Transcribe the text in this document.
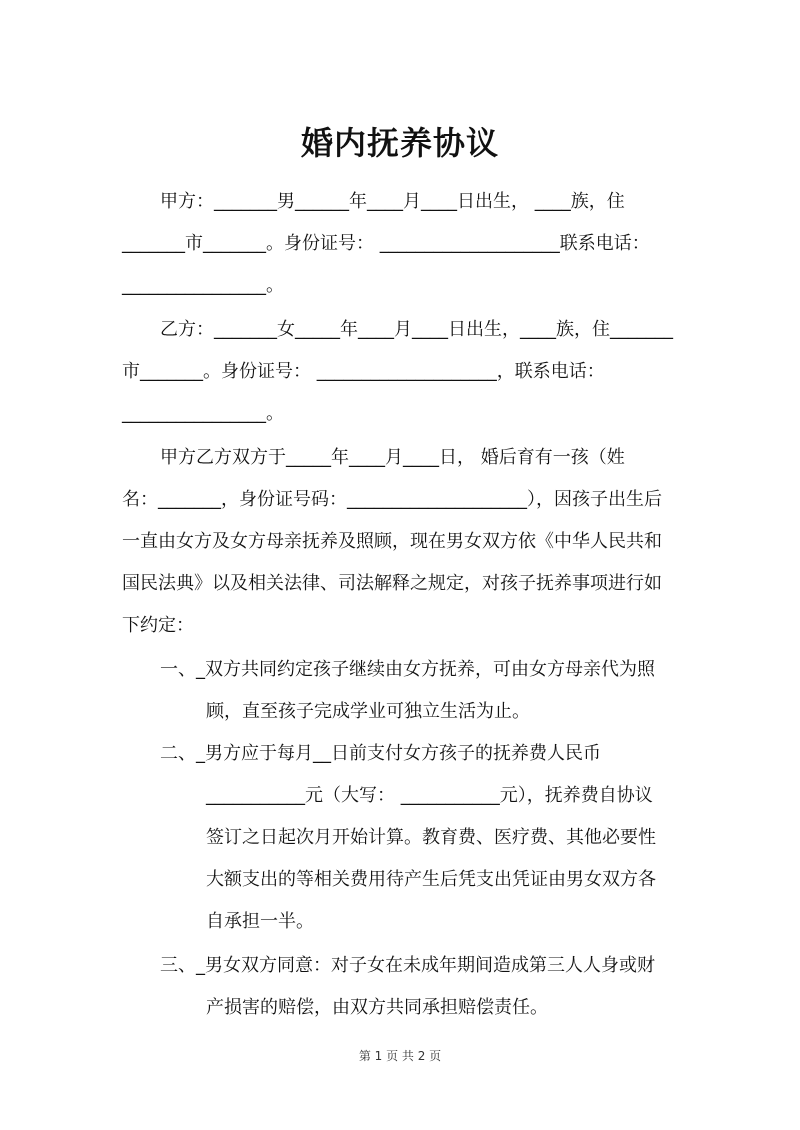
婚内抚养协议
甲方：_______男______年____月____日出生， ____族，住
_______市_______。身份证号： ____________________联系电话：
________________。
乙方：_______女_____年____月____日出生，____族，住_______
市_______。身份证号： ____________________，联系电话：
________________。
甲方乙方双方于_____年____月____日， 婚后育有一孩（姓
名：_______，身份证号码：____________________），因孩子出生后
一直由女方及女方母亲抚养及照顾，现在男女双方依《中华人民共和
国民法典》以及相关法律、司法解释之规定，对孩子抚养事项进行如
下约定：
一、_双方共同约定孩子继续由女方抚养，可由女方母亲代为照
顾，直至孩子完成学业可独立生活为止。
二、_男方应于每月__日前支付女方孩子的抚养费人民币
___________元（大写： ___________元），抚养费自协议
签订之日起次月开始计算。教育费、医疗费、其他必要性
大额支出的等相关费用待产生后凭支出凭证由男女双方各
自承担一半。
三、_男女双方同意：对子女在未成年期间造成第三人人身或财
产损害的赔偿，由双方共同承担赔偿责任。
第 1 页 共 2 页
